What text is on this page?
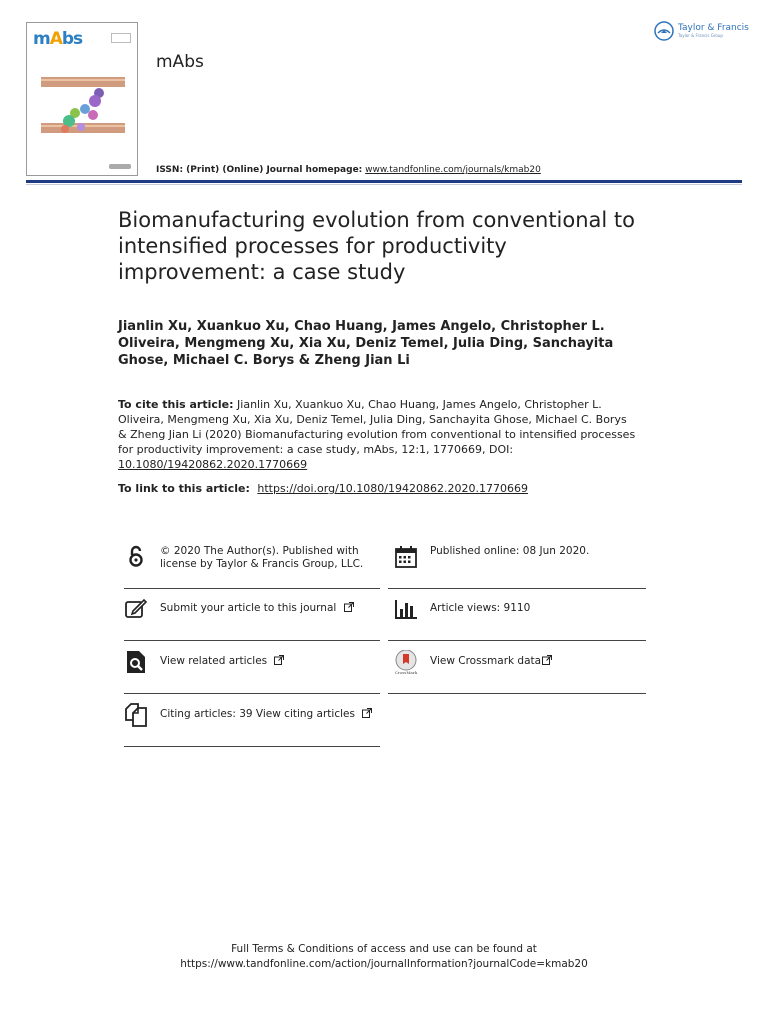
mAbs
mAbs
ISSN: (Print) (Online) Journal homepage: www.tandfonline.com/journals/kmab20
Taylor & Francis
Taylor & Francis Group
Biomanufacturing evolution from conventional to intensified processes for productivity improvement: a case study

Jianlin Xu, Xuankuo Xu, Chao Huang, James Angelo, Christopher L. Oliveira, Mengmeng Xu, Xia Xu, Deniz Temel, Julia Ding, Sanchayita Ghose, Michael C. Borys & Zheng Jian Li

To cite this article: Jianlin Xu, Xuankuo Xu, Chao Huang, James Angelo, Christopher L. Oliveira, Mengmeng Xu, Xia Xu, Deniz Temel, Julia Ding, Sanchayita Ghose, Michael C. Borys & Zheng Jian Li (2020) Biomanufacturing evolution from conventional to intensified processes for productivity improvement: a case study, mAbs, 12:1, 1770669, DOI: 10.1080/19420862.2020.1770669
To link to this article: https://doi.org/10.1080/19420862.2020.1770669
© 2020 The Author(s). Published with license by Taylor & Francis Group, LLC.
Published online: 08 Jun 2020.
Submit your article to this journal	Article views: 9110
View related articles
CrossMark
View Crossmark data
Citing articles: 39 View citing articles
Full Terms & Conditions of access and use can be found at
https://www.tandfonline.com/action/journalInformation?journalCode=kmab20
